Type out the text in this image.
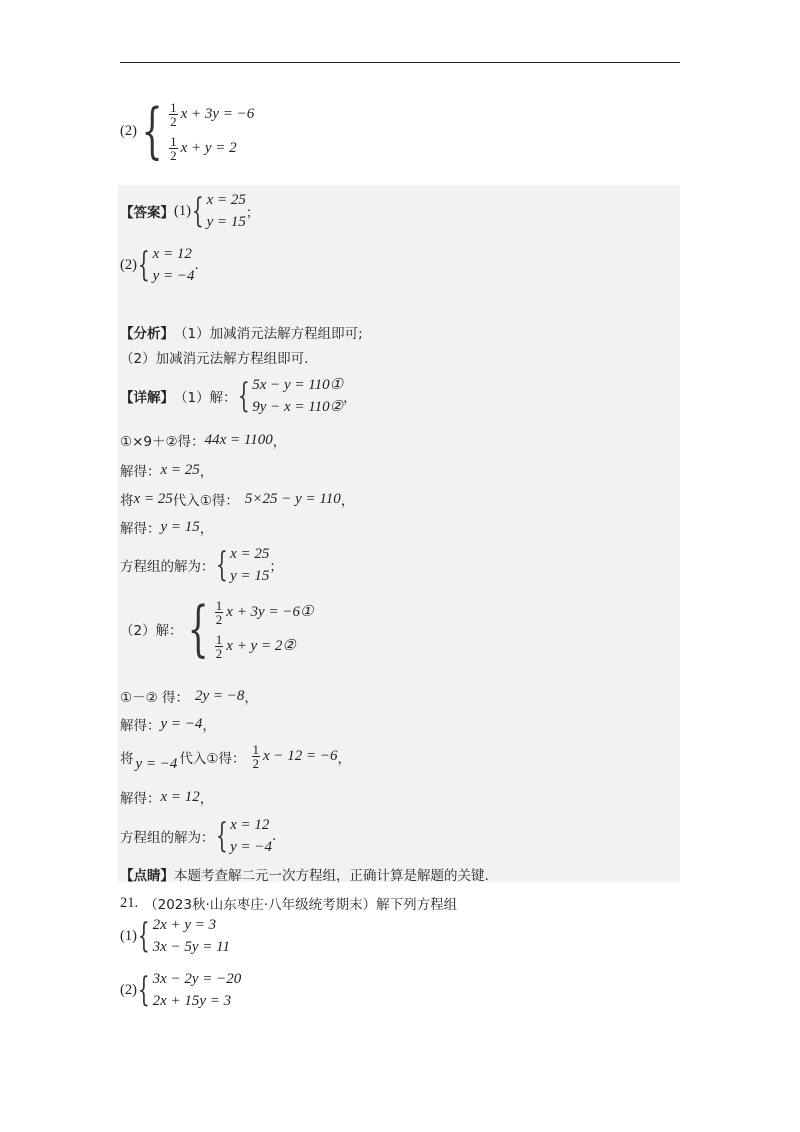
(2) { $\frac{1}{2}$ x + 3y = −6
$\frac{1}{2}$ x + y = 2
【答案】 (1) { x = 25
y = 15
；
(2) { x = 12
y = −4
.
【分析】 （1）加减消元法解方程组即可;
（2）加减消元法解方程组即可.
【详解】 （1）解： { 5x − y = 110①
9y − x = 110②
，
①×9＋②得： 44x = 1100 ，
解得： x = 25 ，
将 x = 25 代入①得： 5×25 − y = 110 ，
解得： y = 15 ，
方程组的解为： { x = 25
y = 15
；
（2）解： { $\frac{1}{2}$ x + 3y = −6①
$\frac{1}{2}$ x + y = 2②
①－② 得： 2y = −8 ，
解得： y = −4 ，
将 y = −4 代入①得： $\frac{1}{2}$ x − 12 = −6 ，
解得： x = 12 ，
方程组的解为： { x = 12
y = −4
.
【点睛】 本题考查解二元一次方程组，正确计算是解题的关键.
21. （2023秋·山东枣庄·八年级统考期末）解下列方程组
(1) { 2x + y = 3
3x − 5y = 11
(2) { 3x − 2y = −20
2x + 15y = 3
